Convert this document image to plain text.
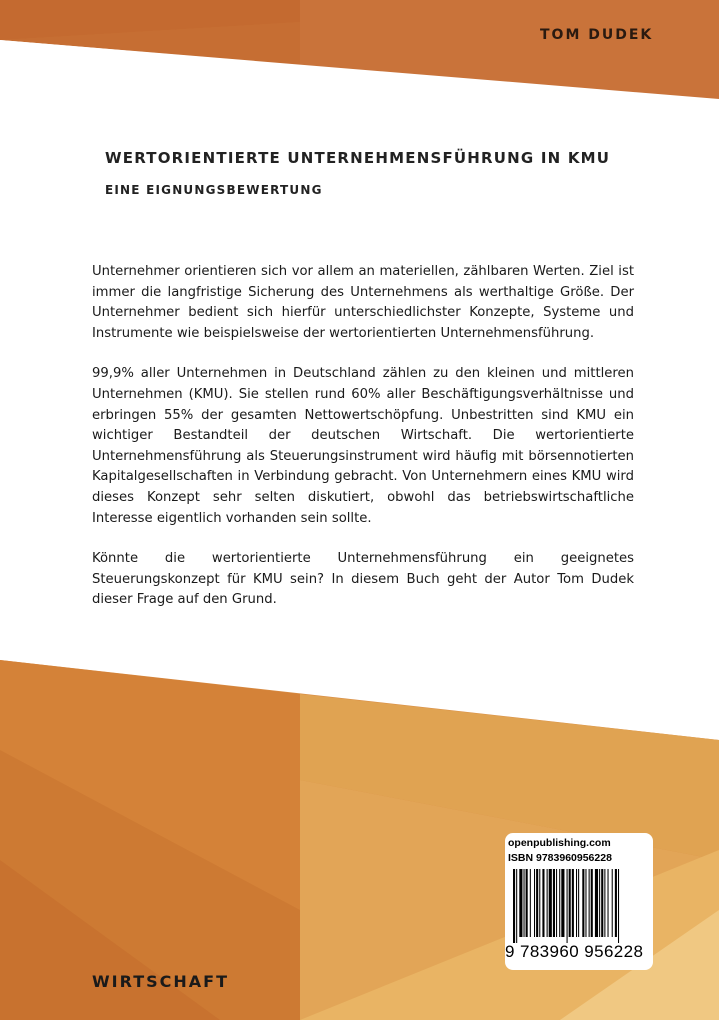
TOM DUDEK

WERTORIENTIERTE UNTERNEHMENSFÜHRUNG IN KMU
EINE EIGNUNGSBEWERTUNG

Unternehmer orientieren sich vor allem an materiellen, zählbaren Werten. Ziel ist immer die langfristige Sicherung des Unternehmens als werthaltige Größe. Der Unternehmer bedient sich hierfür unterschiedlichster Konzepte, Systeme und Instrumente wie beispielsweise der wertorientierten Unternehmensführung.

99,9% aller Unternehmen in Deutschland zählen zu den kleinen und mittleren Unternehmen (KMU). Sie stellen rund 60% aller Beschäftigungsverhältnisse und erbringen 55% der gesamten Nettowertschöpfung. Unbestritten sind KMU ein wichtiger Bestandteil der deutschen Wirtschaft. Die wertorientierte Unternehmensführung als Steuerungsinstrument wird häufig mit börsennotierten Kapitalgesellschaften in Verbindung gebracht. Von Unternehmern eines KMU wird dieses Konzept sehr selten diskutiert, obwohl das betriebswirtschaftliche Interesse eigentlich vorhanden sein sollte.

Könnte die wertorientierte Unternehmensführung ein geeignetes Steuerungskonzept für KMU sein? In diesem Buch geht der Autor Tom Dudek dieser Frage auf den Grund.

WIRTSCHAFT

openpublishing.com

ISBN 9783960956228

9 783960 956228
